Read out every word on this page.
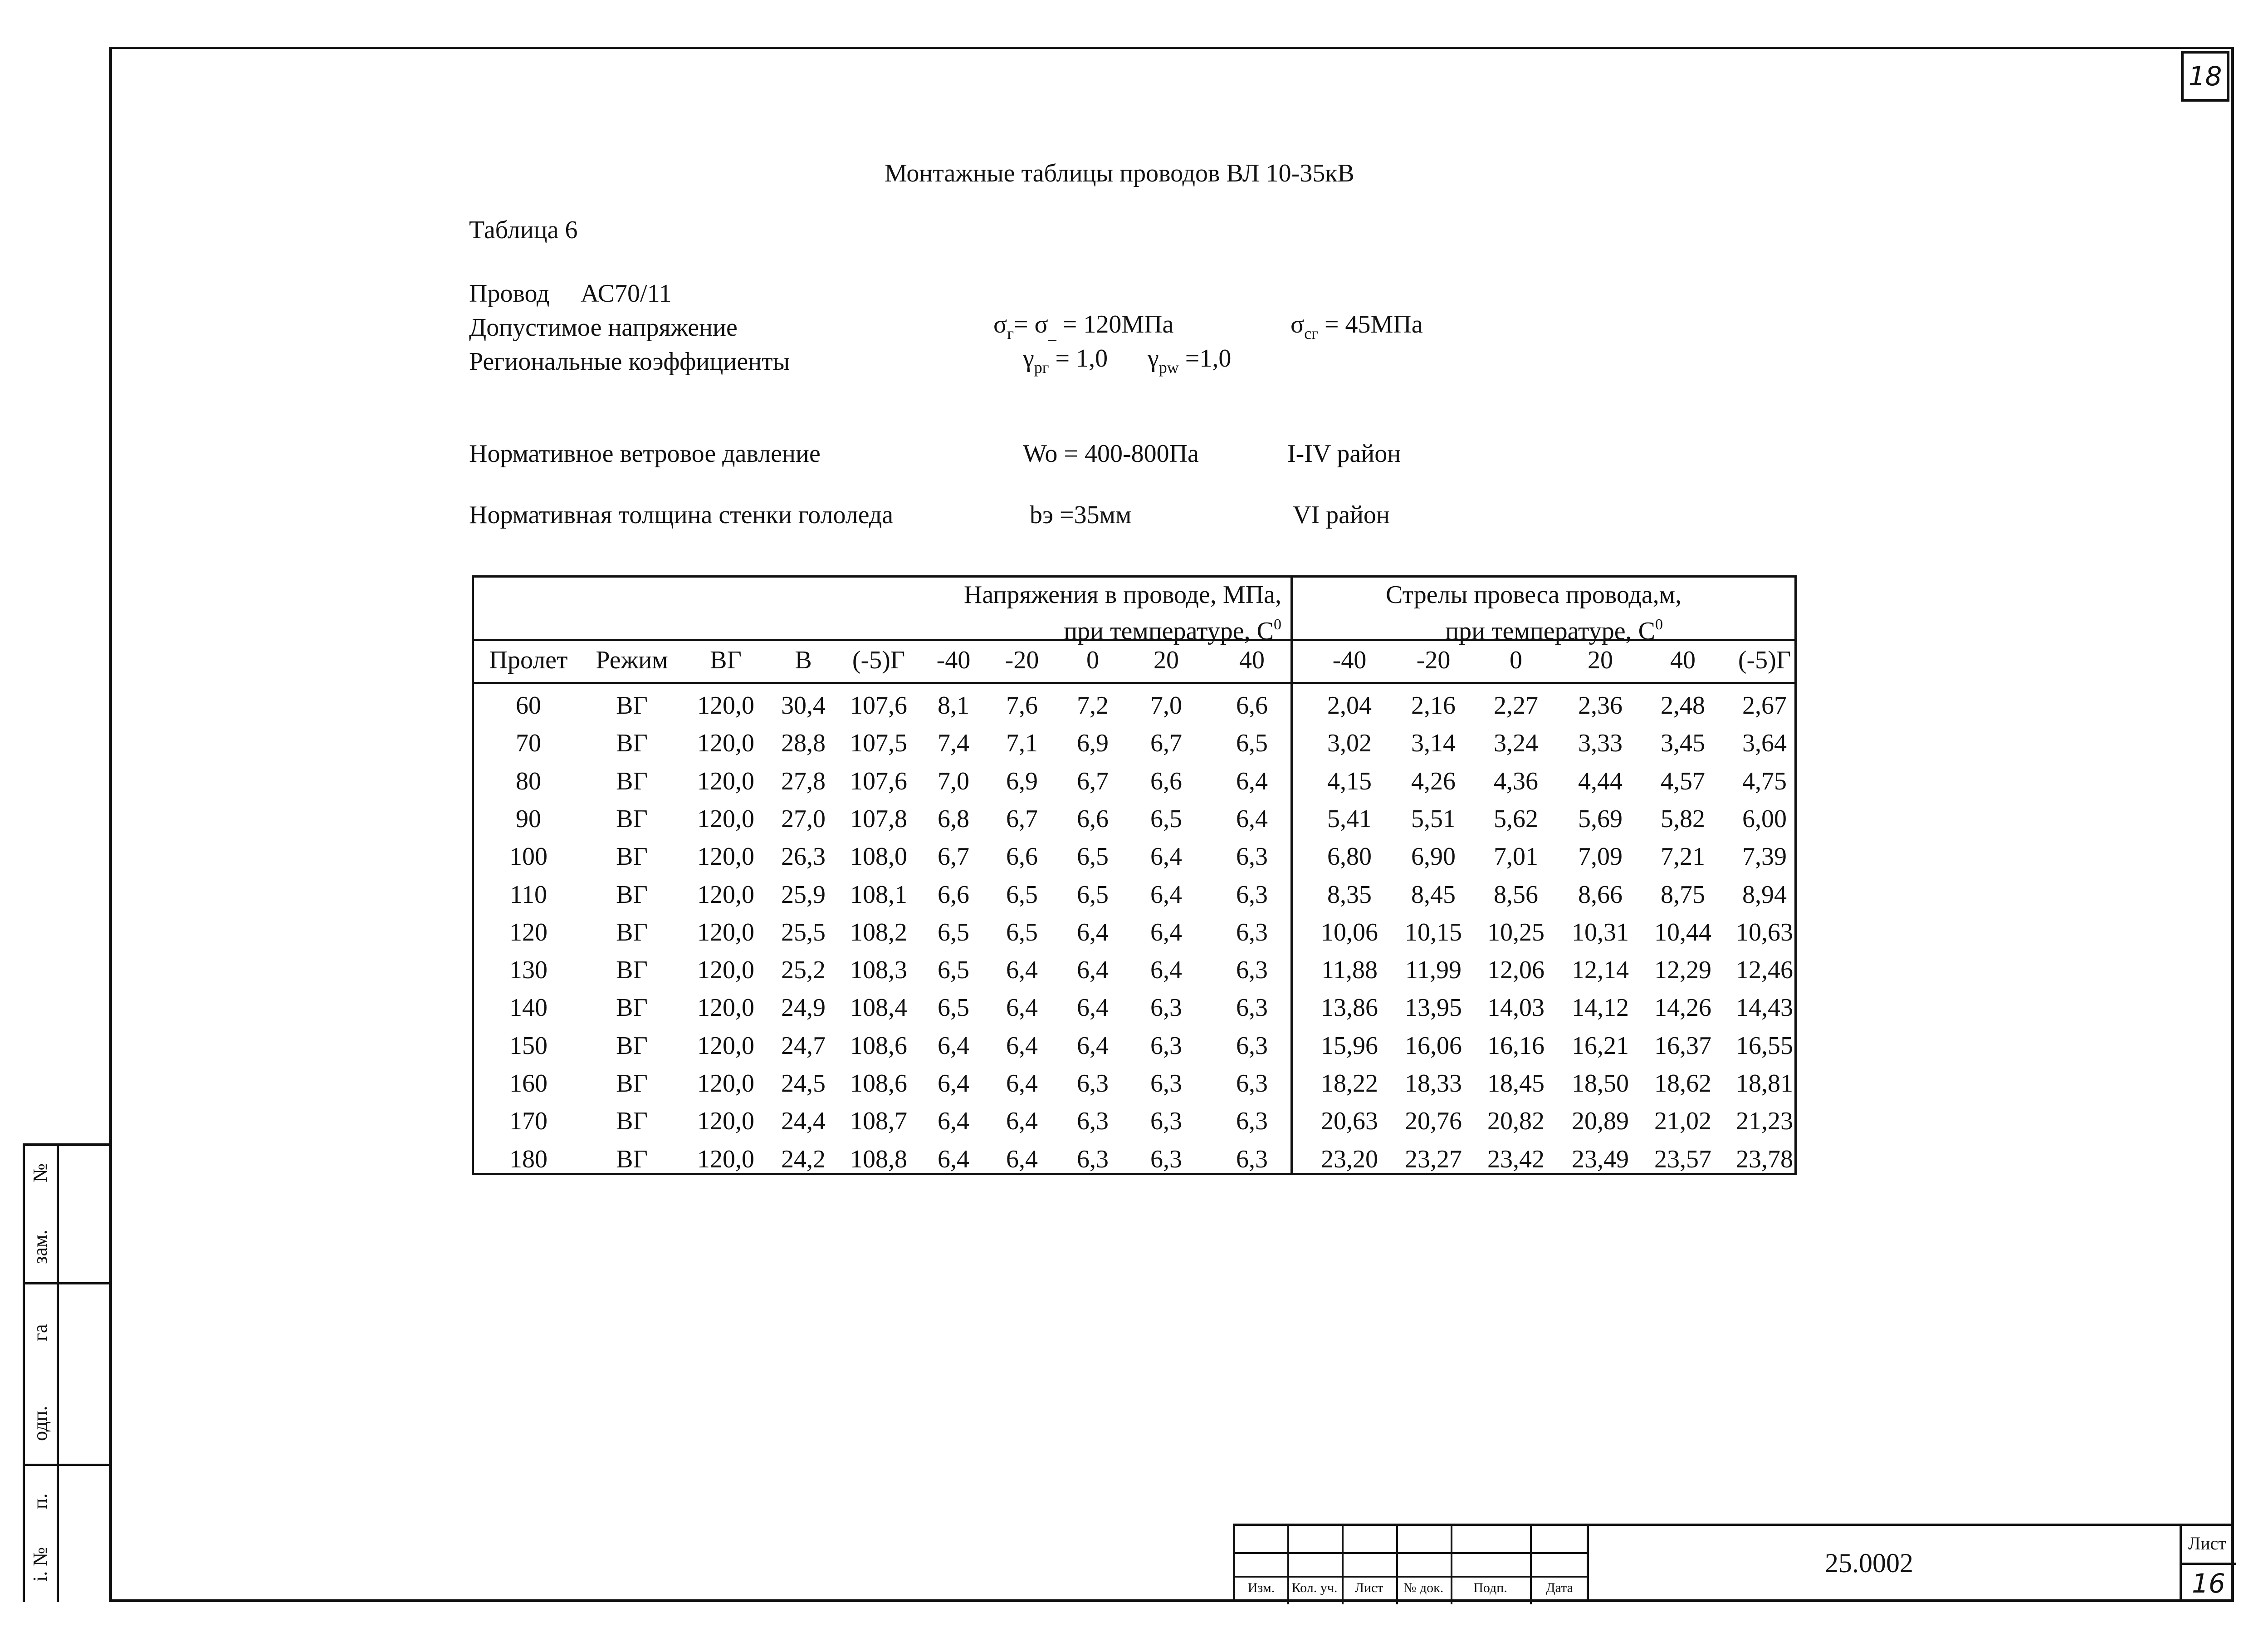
18
Монтажные таблицы проводов ВЛ 10-35кВ
Таблица 6
Провод АС70/11
Допустимое напряжение	$\sigma_г= \sigma_{\_} = 120МПа$	$\sigma_{сг} = 45МПа$
Региональные коэффициенты	$\gamma_{рг} = 1,0$ $\gamma_{pw} =1,0$
Нормативное ветровое давление	Wo = 400-800Па	I-IV район
Нормативная толщина стенки гололеда	bэ =35мм	VI район
Напряжения в проводе, МПа,
при температуре, $С^0$
Стрелы провеса провода,м,
при температуре, $С^0$
Пролет	Режим	ВГ	В	(-5)Г	-40	-20	0	20	40	-40	-20	0	20	40	(-5)Г
60	ВГ	120,0	30,4 107,6	8,1	7,6	7,2	7,0	6,6	2,04	2,16	2,27	2,36	2,48	2,67
70	ВГ	120,0	28,8 107,5	7,4	7,1	6,9	6,7	6,5	3,02	3,14	3,24	3,33	3,45	3,64
80	ВГ	120,0	27,8 107,6	7,0	6,9	6,7	6,6	6,4	4,15	4,26	4,36	4,44	4,57	4,75
90	ВГ	120,0	27,0 107,8	6,8	6,7	6,6	6,5	6,4	5,41	5,51	5,62	5,69	5,82	6,00
100	ВГ	120,0	26,3 108,0	6,7	6,6	6,5	6,4	6,3	6,80	6,90	7,01	7,09	7,21	7,39
110	ВГ	120,0	25,9 108,1	6,6	6,5	6,5	6,4	6,3	8,35	8,45	8,56	8,66	8,75	8,94
120	ВГ	120,0	25,5 108,2	6,5	6,5	6,4	6,4	6,3	10,06	10,15	10,25	10,31	10,44 10,63
130	ВГ	120,0	25,2 108,3	6,5	6,4	6,4	6,4	6,3	11,88	11,99	12,06	12,14	12,29 12,46
140	ВГ	120,0	24,9 108,4	6,5	6,4	6,4	6,3	6,3	13,86	13,95	14,03	14,12	14,26 14,43
150	ВГ	120,0	24,7 108,6	6,4	6,4	6,4	6,3	6,3	15,96	16,06	16,16	16,21	16,37 16,55
160	ВГ	120,0	24,5 108,6	6,4	6,4	6,3	6,3	6,3	18,22	18,33	18,45	18,50	18,62 18,81
170	ВГ	120,0	24,4 108,7	6,4	6,4	6,3	6,3	6,3	20,63	20,76	20,82	20,89	21,02 21,23
180	ВГ	120,0	24,2 108,8	6,4	6,4	6,3	6,3	6,3	23,20	23,27	23,42	23,49	23,57 23,78
№
зам.
га
одп.
п.
і. №
Изм.	Кол. уч.	Лист	№ док.	Подп.	Дата
25.0002
Лист
16
